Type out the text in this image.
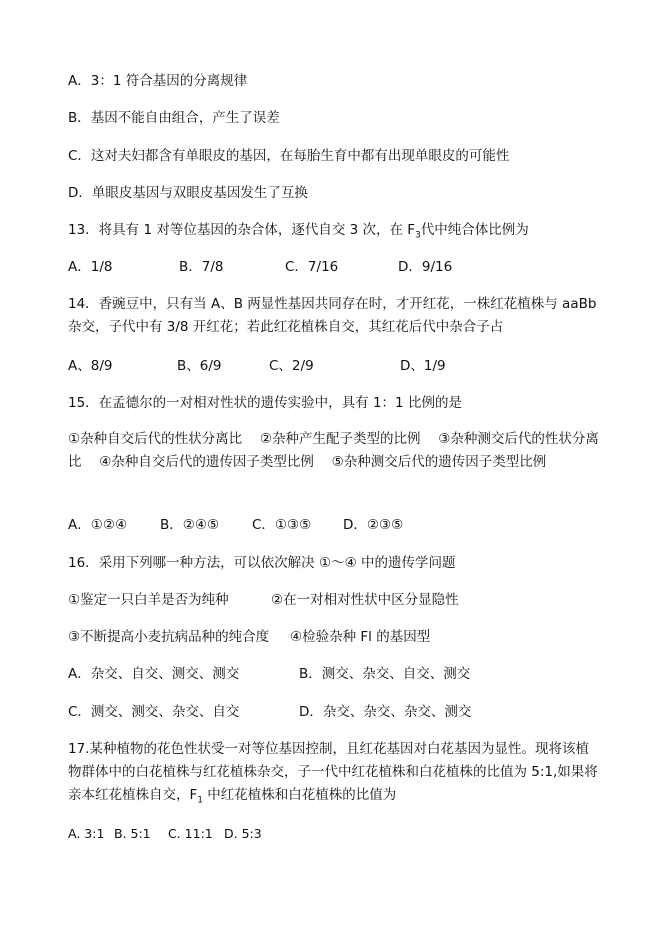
A．3：1 符合基因的分离规律
B．基因不能自由组合，产生了误差
C．这对夫妇都含有单眼皮的基因，在每胎生育中都有出现单眼皮的可能性
D．单眼皮基因与双眼皮基因发生了互换
13．将具有 1 对等位基因的杂合体，逐代自交 3 次，在 $F_3$代中纯合体比例为
A．1/8	B．7/8	C．7/16	D．9/16
14．香豌豆中，只有当 A、B 两显性基因共同存在时，才开红花，一株红花植株与 aaBb 杂交，子代中有 3/8 开红花；若此红花植株自交，其红花后代中杂合子占
A、8/9	B、6/9	C、2/9	D、1/9
15．在孟德尔的一对相对性状的遗传实验中，具有 1：1 比例的是
①杂种自交后代的性状分离比　 ②杂种产生配子类型的比例　 ③杂种测交后代的性状分离比　 ④杂种自交后代的遗传因子类型比例　 ⑤杂种测交后代的遗传因子类型比例
A．①②④ B．②④⑤ C．①③⑤ D．②③⑤
16．采用下列哪一种方法，可以依次解决 ①～④ 中的遗传学问题
①鉴定一只白羊是否为纯种	②在一对相对性状中区分显隐性
③不断提高小麦抗病品种的纯合度 ④检验杂种 Fl 的基因型
A．杂交、自交、测交、测交	B．测交、杂交、自交、测交
C．测交、测交、杂交、自交	D．杂交、杂交、杂交、测交
17.某种植物的花色性状受一对等位基因控制，且红花基因对白花基因为显性。现将该植物群体中的白花植株与红花植株杂交，子一代中红花植株和白花植株的比值为 5:1,如果将亲本红花植株自交，$F_1$ 中红花植株和白花植株的比值为
A. 3:1 B. 5:1 C. 11:1 D. 5:3
